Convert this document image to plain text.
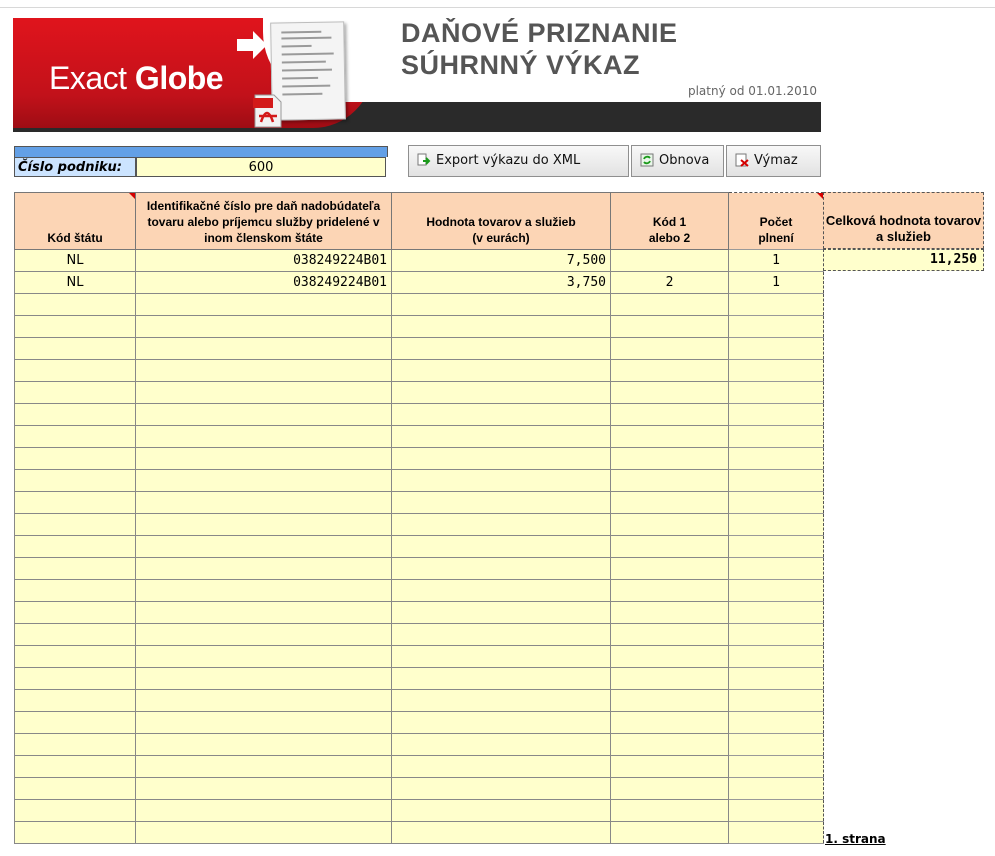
Exact Globe
DAŇOVÉ PRIZNANIE
SÚHRNNÝ VÝKAZ
platný od 01.01.2010
Číslo podniku:	600	Export výkazu do XML	Obnova	Výmaz
Kód štátu	Identifikačné číslo pre daň nadobúdateľa tovaru alebo príjemcu služby pridelené v inom členskom štáte	Hodnota tovarov a služieb (v eurách)	Kód 1 alebo 2	Počet plnení

NL	038249224B01	7,500		1
NL	038249224B01	3,750	2	1

Celková hodnota tovarov a služieb
11,250
1. strana
